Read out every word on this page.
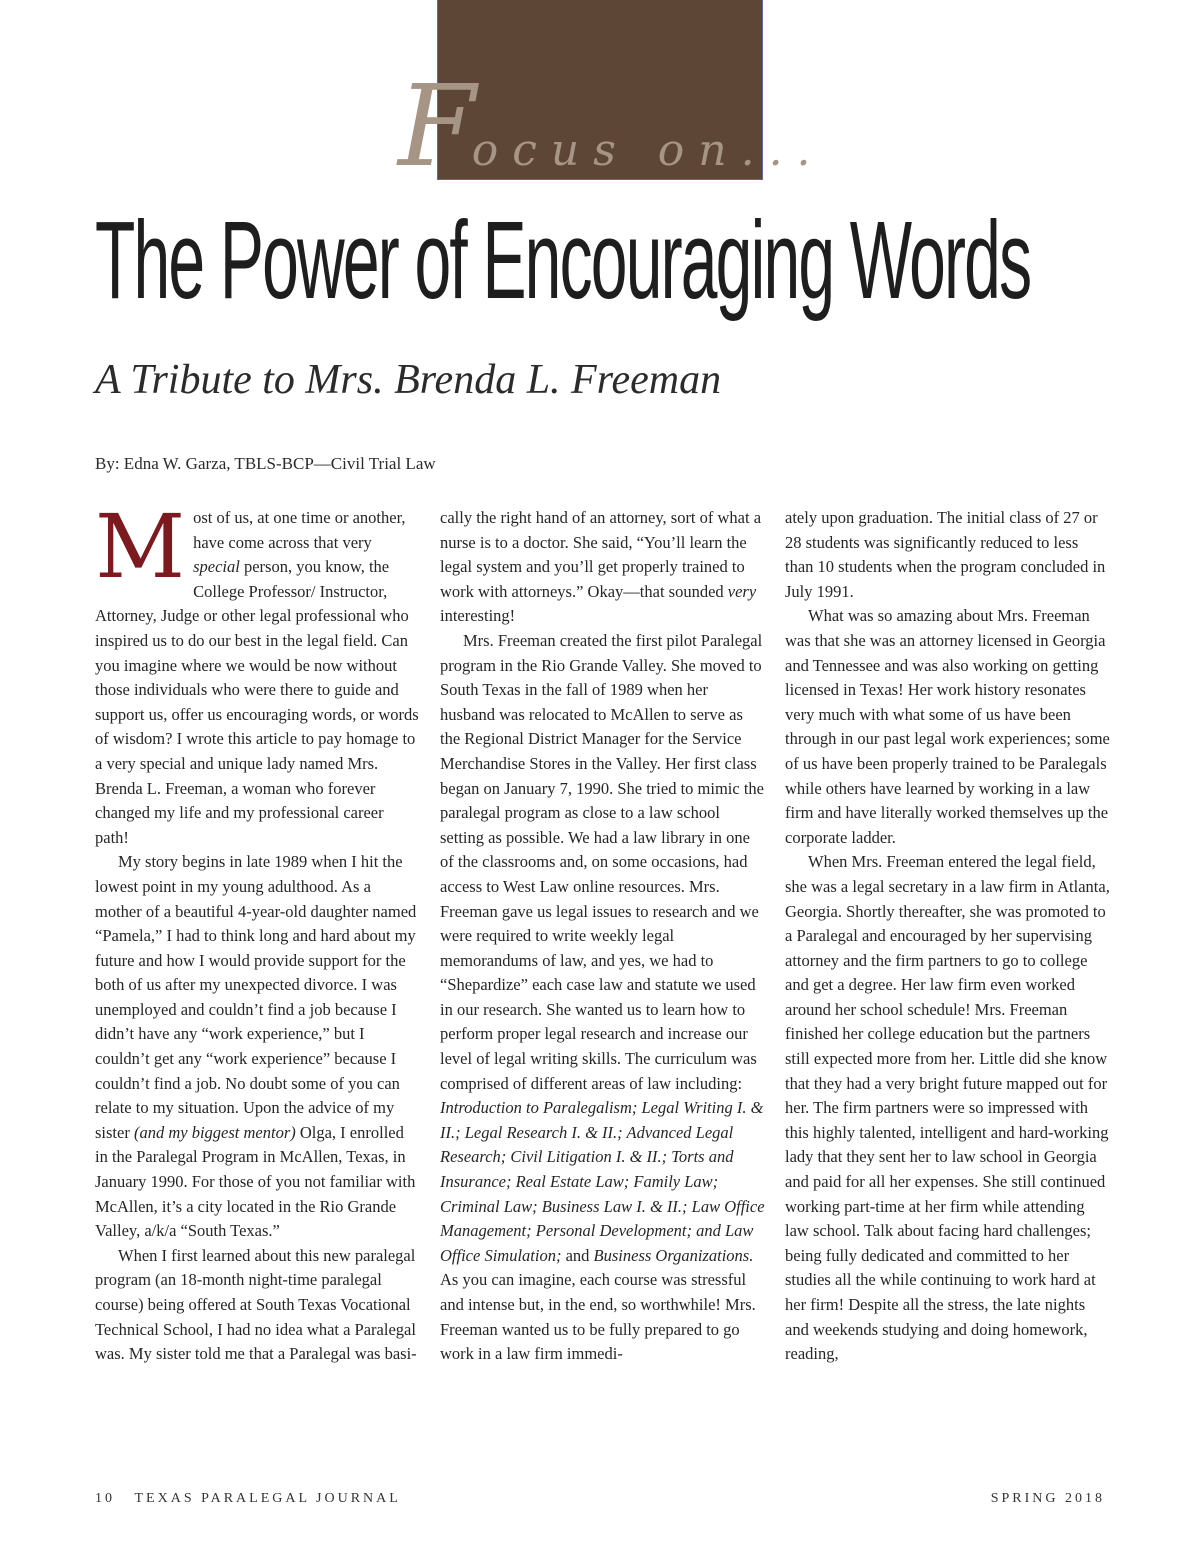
Focus on...
The Power of Encouraging Words
A Tribute to Mrs. Brenda L. Freeman
By: Edna W. Garza, TBLS-BCP—Civil Trial Law

Most of us, at one time or another, have come across that very special person, you know, the College Professor/ Instructor, Attorney, Judge or other legal professional who inspired us to do our best in the legal field. Can you imagine where we would be now without those individuals who were there to guide and support us, offer us encouraging words, or words of wisdom? I wrote this article to pay homage to a very special and unique lady named Mrs. Brenda L. Freeman, a woman who forever changed my life and my professional career path!

My story begins in late 1989 when I hit the lowest point in my young adulthood. As a mother of a beautiful 4-year-old daughter named “Pamela,” I had to think long and hard about my future and how I would provide support for the both of us after my unexpected divorce. I was unemployed and couldn’t find a job because I didn’t have any “work experience,” but I couldn’t get any “work experience” because I couldn’t find a job. No doubt some of you can relate to my situation. Upon the advice of my sister (and my biggest mentor) Olga, I enrolled in the Paralegal Program in McAllen, Texas, in January 1990. For those of you not familiar with McAllen, it’s a city located in the Rio Grande Valley, a/k/a “South Texas.”

When I first learned about this new paralegal program (an 18-month night-time paralegal course) being offered at South Texas Vocational Technical School, I had no idea what a Paralegal was. My sister told me that a Paralegal was basi-

cally the right hand of an attorney, sort of what a nurse is to a doctor. She said, “You’ll learn the legal system and you’ll get properly trained to work with attorneys.” Okay—that sounded very interesting!

Mrs. Freeman created the first pilot Paralegal program in the Rio Grande Valley. She moved to South Texas in the fall of 1989 when her husband was relocated to McAllen to serve as the Regional District Manager for the Service Merchandise Stores in the Valley. Her first class began on January 7, 1990. She tried to mimic the paralegal program as close to a law school setting as possible. We had a law library in one of the classrooms and, on some occasions, had access to West Law online resources. Mrs. Freeman gave us legal issues to research and we were required to write weekly legal memorandums of law, and yes, we had to “Shepardize” each case law and statute we used in our research. She wanted us to learn how to perform proper legal research and increase our level of legal writing skills. The curriculum was comprised of different areas of law including: Introduction to Paralegalism; Legal Writing I. & II.; Legal Research I. & II.; Advanced Legal Research; Civil Litigation I. & II.; Torts and Insurance; Real Estate Law; Family Law; Criminal Law; Business Law I. & II.; Law Office Management; Personal Development; and Law Office Simulation; and Business Organizations. As you can imagine, each course was stressful and intense but, in the end, so worthwhile! Mrs. Freeman wanted us to be fully prepared to go work in a law firm immedi-

ately upon graduation. The initial class of 27 or 28 students was significantly reduced to less than 10 students when the program concluded in July 1991.

What was so amazing about Mrs. Freeman was that she was an attorney licensed in Georgia and Tennessee and was also working on getting licensed in Texas! Her work history resonates very much with what some of us have been through in our past legal work experiences; some of us have been properly trained to be Paralegals while others have learned by working in a law firm and have literally worked themselves up the corporate ladder.

When Mrs. Freeman entered the legal field, she was a legal secretary in a law firm in Atlanta, Georgia. Shortly thereafter, she was promoted to a Paralegal and encouraged by her supervising attorney and the firm partners to go to college and get a degree. Her law firm even worked around her school schedule! Mrs. Freeman finished her college education but the partners still expected more from her. Little did she know that they had a very bright future mapped out for her. The firm partners were so impressed with this highly talented, intelligent and hard-working lady that they sent her to law school in Georgia and paid for all her expenses. She still continued working part-time at her firm while attending law school. Talk about facing hard challenges; being fully dedicated and committed to her studies all the while continuing to work hard at her firm! Despite all the stress, the late nights and weekends studying and doing homework, reading,

10 TEXAS PARALEGAL JOURNAL	SPRING 2018
